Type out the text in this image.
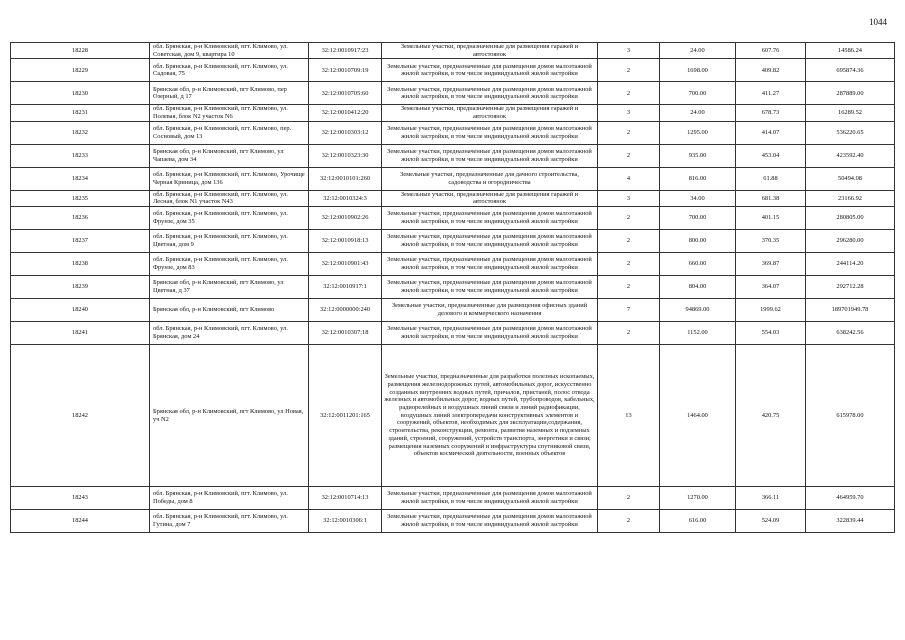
1044
18228	обл. Брянская, р-н Климовский, пгт. Климово, ул. Советская, дом 9, квартира 10	32:12:0010917:23	Земельные участки, предназначенные для размещения гаражей и автостоянок	3	24.00	607.76	14586.24
18229	обл. Брянская, р-н Климовский, пгт. Климово, ул. Садовая, 75	32:12:0010709:19	Земельные участки, предназначенные для размещения домов малоэтажной жилой застройки, в том числе индивидуальной жилой застройки	2	1698.00	409.82	695874.36
18230	Брянская обл, р-н Климовский, пгт Климово, пер Озерный, д 17	32:12:0010705:60	Земельные участки, предназначенные для размещения домов малоэтажной жилой застройки, в том числе индивидуальной жилой застройки	2	700.00	411.27	287889.00
18231	обл. Брянская, р-н Климовский, пгт. Климово, ул. Полевая, блок N2 участок N6	32:12:0010412:20	Земельные участки, предназначенные для размещения гаражей и автостоянок	3	24.00	678.73	16289.52
18232	обл. Брянская, р-н Климовский, пгт. Климово, пер. Сосновый, дом 13	32:12:0010303:12	Земельные участки, предназначенные для размещения домов малоэтажной жилой застройки, в том числе индивидуальной жилой застройки	2	1295.00	414.07	536220.65
18233	Брянская обл, р-н Климовский, пгт Климово, ул Чапаева, дом 34	32:12:0010323:30	Земельные участки, предназначенные для размещения домов малоэтажной жилой застройки, в том числе индивидуальной жилой застройки	2	935.00	453.04	423592.40
18234	обл. Брянская, р-н Климовский, пгт. Климово, Урочище Черная Криница, дом 136	32:12:0010101:260	Земельные участки, предназначенные для дачного строительства, садоводства и огородничества	4	816.00	61.88	50494.08
18235	обл. Брянская, р-н Климовский, пгт. Климово, ул. Лесная, блок N1 участок N43	32:12:0010324:3	Земельные участки, предназначенные для размещения гаражей и автостоянок	3	34.00	681.38	23166.92
18236	обл. Брянская, р-н Климовский, пгт. Климово, ул. Фрунзе, дом 35	32:12:0010902:26	Земельные участки, предназначенные для размещения домов малоэтажной жилой застройки, в том числе индивидуальной жилой застройки	2	700.00	401.15	280805.00
18237	обл. Брянская, р-н Климовский, пгт. Климово, ул. Цветная, дом 9	32:12:0010918:13	Земельные участки, предназначенные для размещения домов малоэтажной жилой застройки, в том числе индивидуальной жилой застройки	2	800.00	370.35	296280.00
18238	обл. Брянская, р-н Климовский, пгт. Климово, ул. Фрунзе, дом 83	32:12:0010901:43	Земельные участки, предназначенные для размещения домов малоэтажной жилой застройки, в том числе индивидуальной жилой застройки	2	660.00	369.87	244114.20
18239	Брянская обл, р-н Климовский, пгт Климово, ул Цветная, д 37	32:12:0010917:1	Земельные участки, предназначенные для размещения домов малоэтажной жилой застройки, в том числе индивидуальной жилой застройки	2	804.00	364.07	292712.28
18240	Брянская обл, р-н Климовский, пгт Климово	32:12:0000000:240	Земельные участки, предназначенные для размещения офисных зданий делового и коммерческого назначения	7	94869.00	1999.62	189701949.78
18241	обл. Брянская, р-н Климовский, пгт. Климово, ул. Брянская, дом 24	32:12:0010307:18	Земельные участки, предназначенные для размещения домов малоэтажной жилой застройки, в том числе индивидуальной жилой застройки	2	1152.00	554.03	638242.56
18242	Брянская обл, р-н Климовский, пгт Климово, ул Новая, уч N2	32:12:0011201:165	Земельные участки, предназначенные для разработки полезных ископаемых, размещения железнодорожных путей, автомобильных дорог, искусственно созданных внутренних водных путей, причалов, пристаней, полос отвода железных и автомобильных дорог, водных путей, трубопроводов, кабельных, радиорелейных и воздушных линий связи и линий радиофикации, воздушных линий электропередачи конструктивных элементов и сооружений, объектов, необходимых для эксплуатации,содержания, строительства, реконструкции, ремонта, развития наземных и подземных зданий, строений, сооружений, устройств транспорта, энергетики и связи; размещения наземных сооружений и инфраструктуры спутниковой связи, объектов космической деятельности, военных объектов	13	1464.00	420.75	615978.00
18243	обл. Брянская, р-н Климовский, пгт. Климово, ул. Победы, дом 8	32:12:0010714:13	Земельные участки, предназначенные для размещения домов малоэтажной жилой застройки, в том числе индивидуальной жилой застройки	2	1270.00	366.11	464959.70
18244	обл. Брянская, р-н Климовский, пгт. Климово, ул. Гутина, дом 7	32:12:0010306:1	Земельные участки, предназначенные для размещения домов малоэтажной жилой застройки, в том числе индивидуальной жилой застройки	2	616.00	524.09	322839.44
